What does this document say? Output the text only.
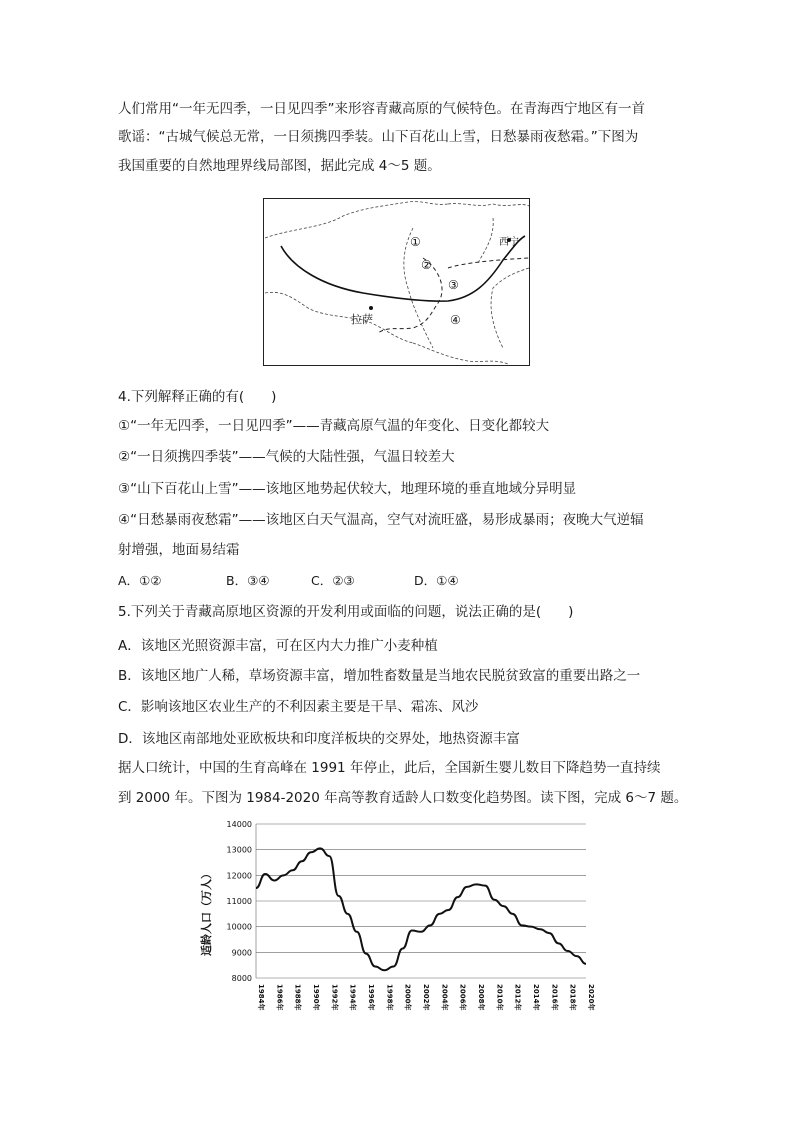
人们常用“一年无四季，一日见四季”来形容青藏高原的气候特色。在青海西宁地区有一首
歌谣：“古城气候总无常，一日须携四季装。山下百花山上雪，日愁暴雨夜愁霜。”下图为
我国重要的自然地理界线局部图，据此完成 4～5 题。
西宁
拉萨
①
②
③
④
4.下列解释正确的有(　　)
①“一年无四季，一日见四季”——青藏高原气温的年变化、日变化都较大
②“一日须携四季装”——气候的大陆性强，气温日较差大
③“山下百花山上雪”——该地区地势起伏较大，地理环境的垂直地域分异明显
④“日愁暴雨夜愁霜”——该地区白天气温高，空气对流旺盛，易形成暴雨；夜晚大气逆辐
射增强，地面易结霜
A．①②	B．③④	C．②③	D．①④
5.下列关于青藏高原地区资源的开发利用或面临的问题，说法正确的是(　　)
A．该地区光照资源丰富，可在区内大力推广小麦种植
B．该地区地广人稀，草场资源丰富，增加牲畜数量是当地农民脱贫致富的重要出路之一
C．影响该地区农业生产的不利因素主要是干旱、霜冻、风沙
D．该地区南部地处亚欧板块和印度洋板块的交界处，地热资源丰富
据人口统计，中国的生育高峰在 1991 年停止，此后，全国新生婴儿数目下降趋势一直持续
到 2000 年。下图为 1984-2020 年高等教育适龄人口数变化趋势图。读下图，完成 6～7 题。
8000
9000
10000
11000
12000
13000
14000
1984年 1986年 1988年 1990年 1992年 1994年 1996年 1998年 2000年 2002年 2004年 2006年 2008年 2010年 2012年 2014年 2016年 2018年 2020年
适龄人口（万人）
